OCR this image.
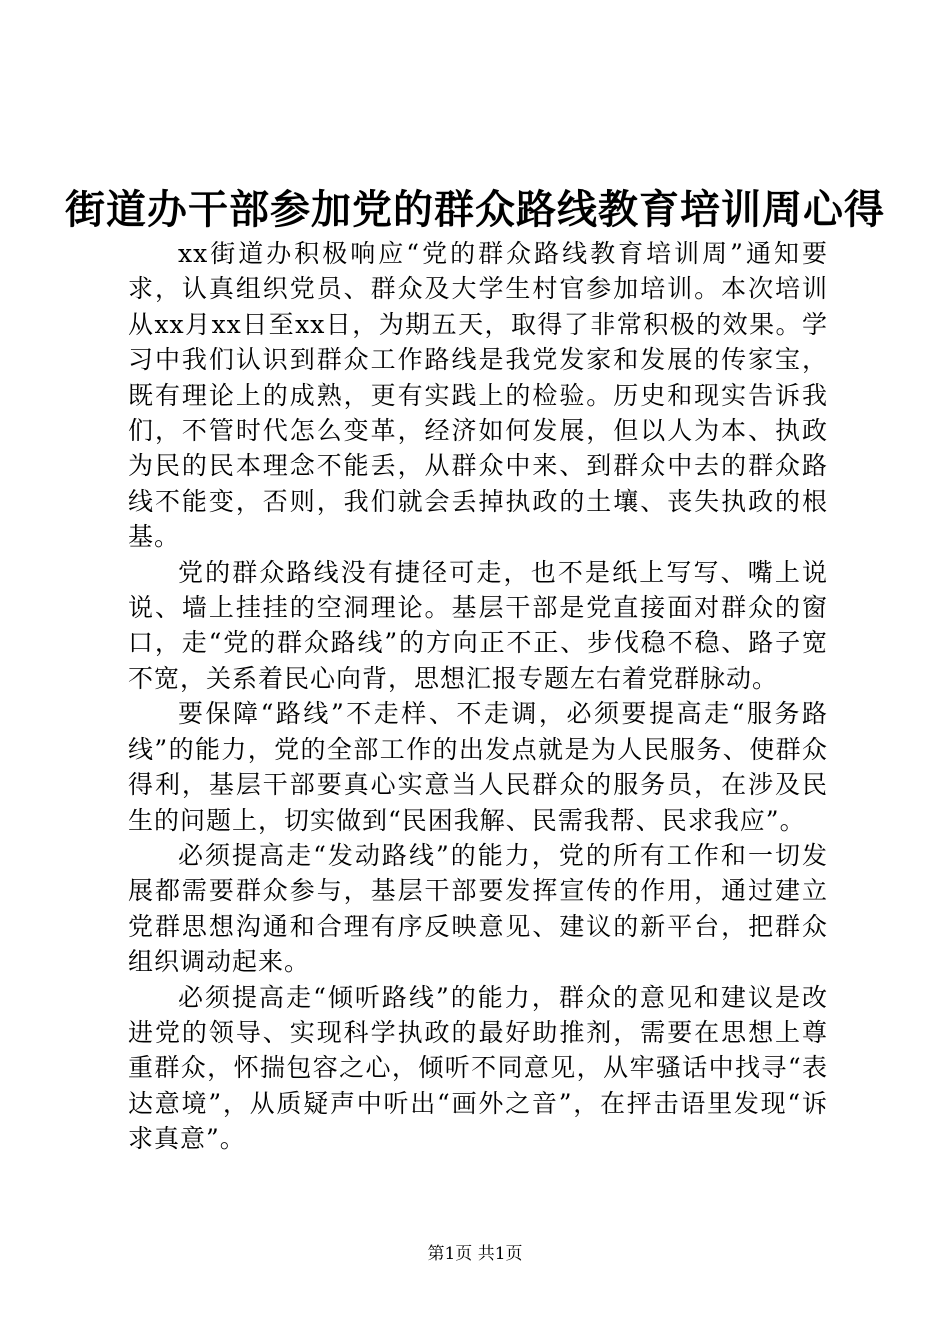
街道办干部参加党的群众路线教育培训周心得

xx街道办积极响应“党的群众路线教育培训周”通知要求，认真组织党员、群众及大学生村官参加培训。本次培训从xx月xx日至xx日，为期五天，取得了非常积极的效果。学习中我们认识到群众工作路线是我党发家和发展的传家宝，既有理论上的成熟，更有实践上的检验。历史和现实告诉我们，不管时代怎么变革，经济如何发展，但以人为本、执政为民的民本理念不能丢，从群众中来、到群众中去的群众路线不能变，否则，我们就会丢掉执政的土壤、丧失执政的根基。

党的群众路线没有捷径可走，也不是纸上写写、嘴上说说、墙上挂挂的空洞理论。基层干部是党直接面对群众的窗口，走“党的群众路线”的方向正不正、步伐稳不稳、路子宽不宽，关系着民心向背，思想汇报专题左右着党群脉动。

要保障“路线”不走样、不走调，必须要提高走“服务路线”的能力，党的全部工作的出发点就是为人民服务、使群众得利，基层干部要真心实意当人民群众的服务员，在涉及民生的问题上，切实做到“民困我解、民需我帮、民求我应”。

必须提高走“发动路线”的能力，党的所有工作和一切发展都需要群众参与，基层干部要发挥宣传的作用，通过建立党群思想沟通和合理有序反映意见、建议的新平台，把群众组织调动起来。

必须提高走“倾听路线”的能力，群众的意见和建议是改进党的领导、实现科学执政的最好助推剂，需要在思想上尊重群众，怀揣包容之心，倾听不同意见，从牢骚话中找寻“表达意境”，从质疑声中听出“画外之音”，在抨击语里发现“诉求真意”。

第1页 共1页
